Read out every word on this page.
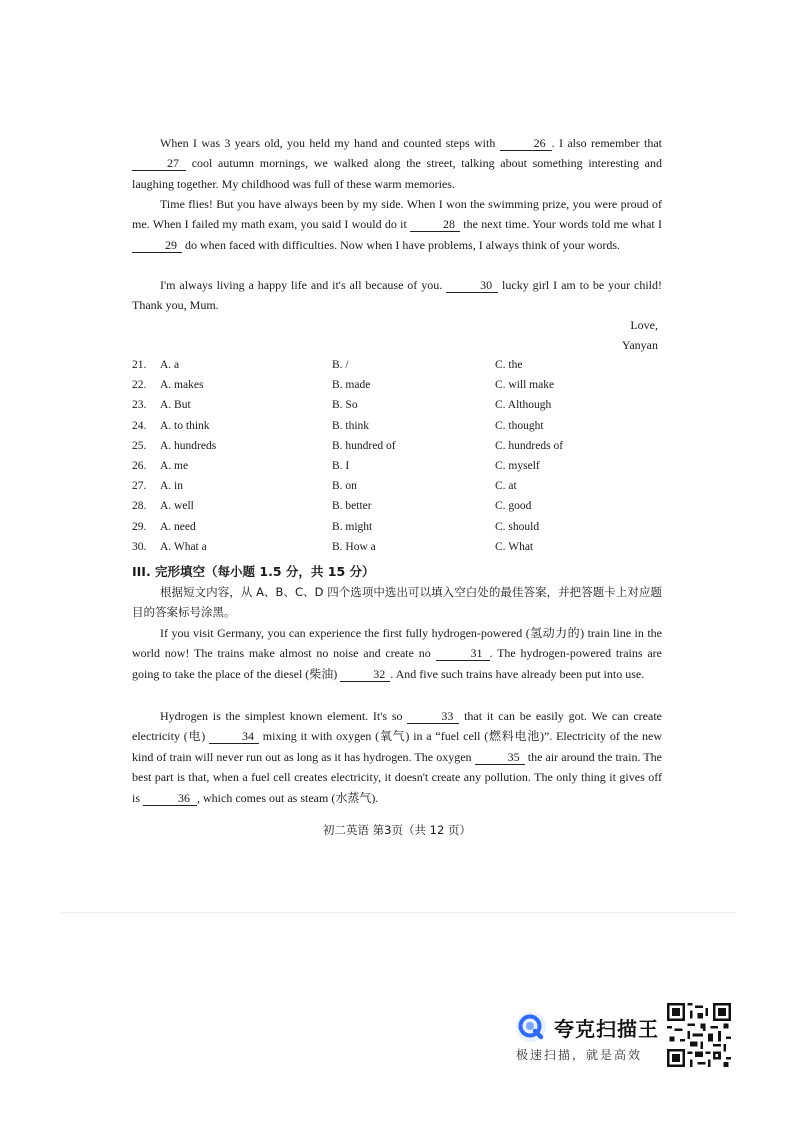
When I was 3 years old, you held my hand and counted steps with	26 . I also remember that 27 cool autumn mornings, we walked along the street, talking about something interesting and laughing together. My childhood was full of these warm memories.

Time flies! But you have always been by my side. When I won the swimming prize, you were proud of me. When I failed my math exam, you said I would do it	28 the next time. Your words told me what I 29 do when faced with difficulties. Now when I have problems, I always think of your words.

I'm always living a happy life and it's all because of you.	30 lucky girl I am to be your child! Thank you, Mum.

Love,
Yanyan
21. A. a	B. /	C. the
22. A. makes	B. made	C. will make
23. A. But	B. So	C. Although
24. A. to think	B. think	C. thought
25. A. hundreds	B. hundred of	C. hundreds of
26. A. me	B. I	C. myself
27. A. in	B. on	C. at
28. A. well	B. better	C. good
29. A. need	B. might	C. should
30. A. What a	B. How a	C. What
III. 完形填空（每小题 1.5 分，共 15 分）

根据短文内容，从 A、B、C、D 四个选项中选出可以填入空白处的最佳答案，并把答题卡上对应题目的答案标号涂黑。

If you visit Germany, you can experience the first fully hydrogen-powered (氢动力的) train line in the world now! The trains make almost no noise and create no	31 . The hydrogen-powered trains are going to take the place of the diesel (柴油)	32 . And five such trains have already been put into use.

Hydrogen is the simplest known element. It's so	33 that it can be easily got. We can create electricity (电)	34 mixing it with oxygen (氧气) in a “fuel cell (燃料电池)”. Electricity of the new kind of train will never run out as long as it has hydrogen. The oxygen	35 the air around the train. The best part is that, when a fuel cell creates electricity, it doesn't create any pollution. The only thing it gives off is	36 , which comes out as steam (水蒸气).

初二英语 第3页（共 12 页）
夸克扫描王
极速扫描，就是高效
